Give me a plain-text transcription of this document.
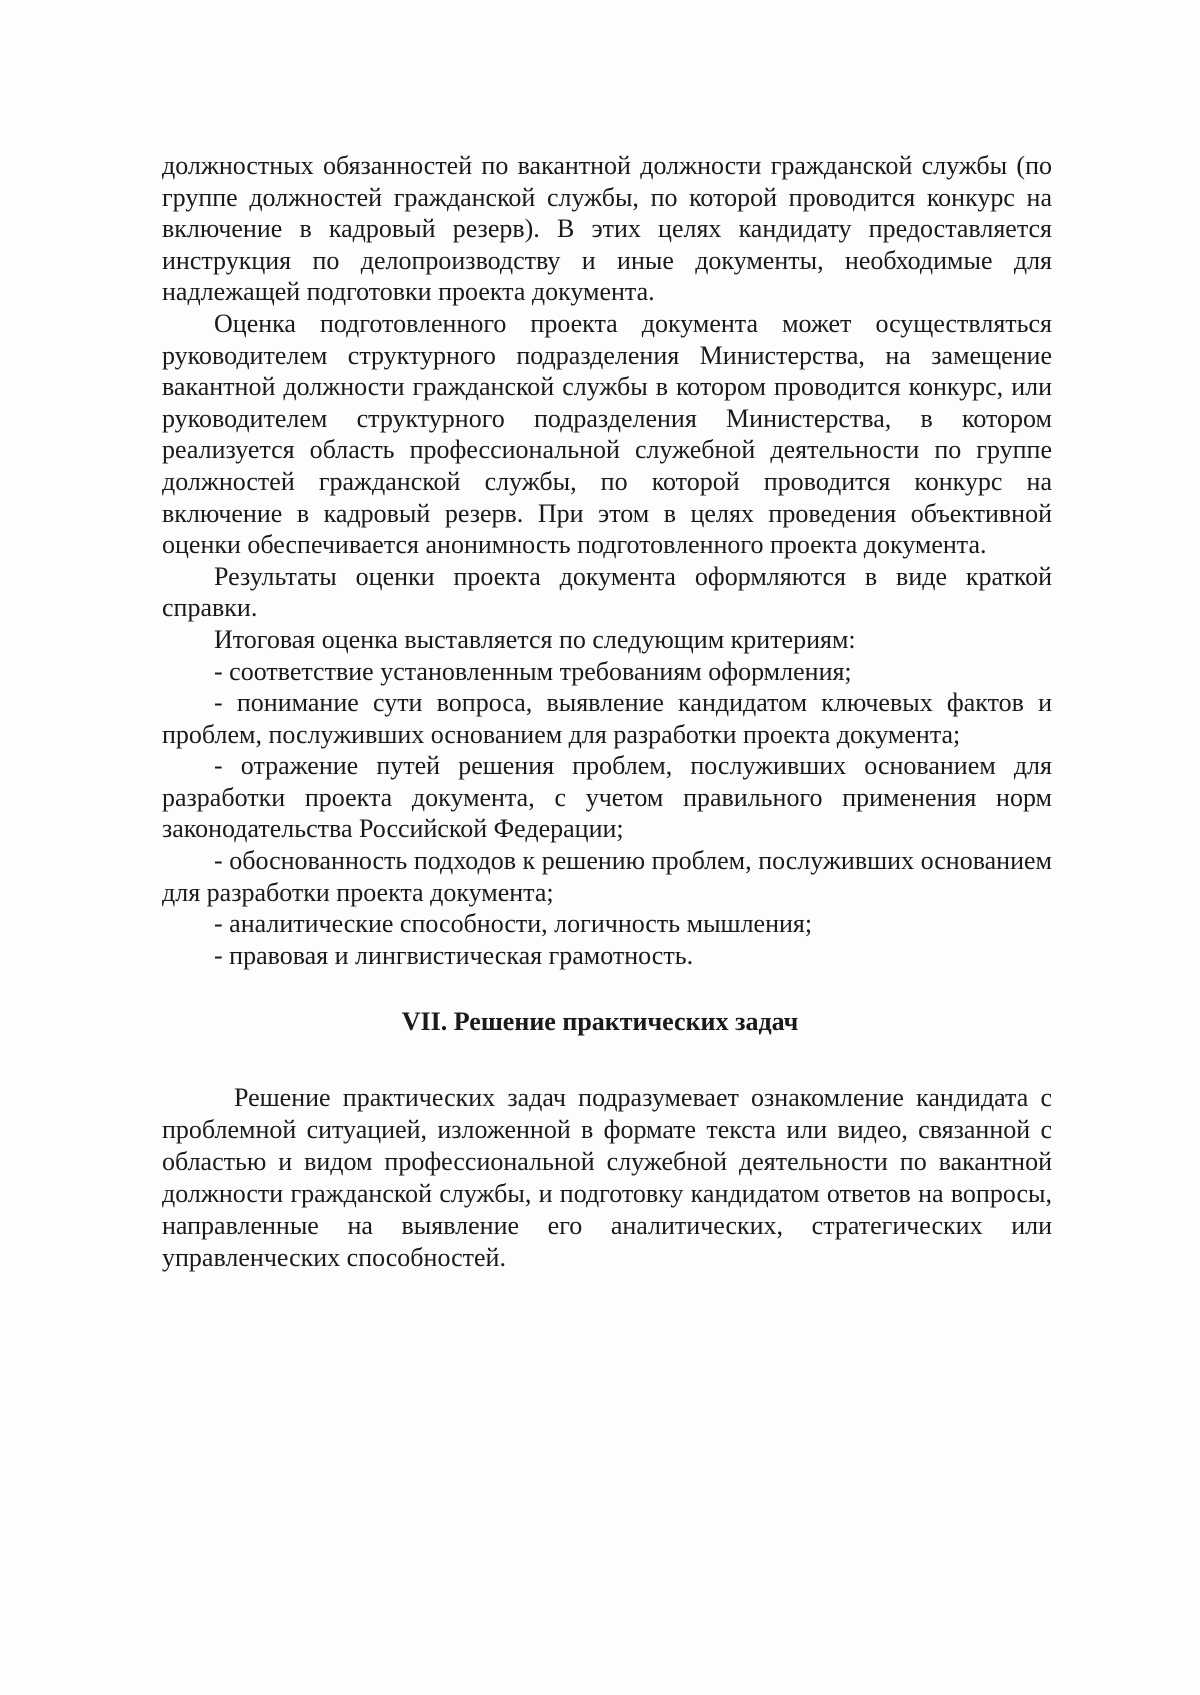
должностных обязанностей по вакантной должности гражданской службы (по группе должностей гражданской службы, по которой проводится конкурс на включение в кадровый резерв). В этих целях кандидату предоставляется инструкция по делопроизводству и иные документы, необходимые для надлежащей подготовки проекта документа.

Оценка подготовленного проекта документа может осуществляться руководителем структурного подразделения Министерства, на замещение вакантной должности гражданской службы в котором проводится конкурс, или руководителем структурного подразделения Министерства, в котором реализуется область профессиональной служебной деятельности по группе должностей гражданской службы, по которой проводится конкурс на включение в кадровый резерв. При этом в целях проведения объективной оценки обеспечивается анонимность подготовленного проекта документа.

Результаты оценки проекта документа оформляются в виде краткой справки.

Итоговая оценка выставляется по следующим критериям:

- соответствие установленным требованиям оформления;

- понимание сути вопроса, выявление кандидатом ключевых фактов и проблем, послуживших основанием для разработки проекта документа;

- отражение путей решения проблем, послуживших основанием для разработки проекта документа, с учетом правильного применения норм законодательства Российской Федерации;

- обоснованность подходов к решению проблем, послуживших основанием для разработки проекта документа;

- аналитические способности, логичность мышления;

- правовая и лингвистическая грамотность.

VII. Решение практических задач

Решение практических задач подразумевает ознакомление кандидата с проблемной ситуацией, изложенной в формате текста или видео, связанной с областью и видом профессиональной служебной деятельности по вакантной должности гражданской службы, и подготовку кандидатом ответов на вопросы, направленные на выявление его аналитических, стратегических или управленческих способностей.
